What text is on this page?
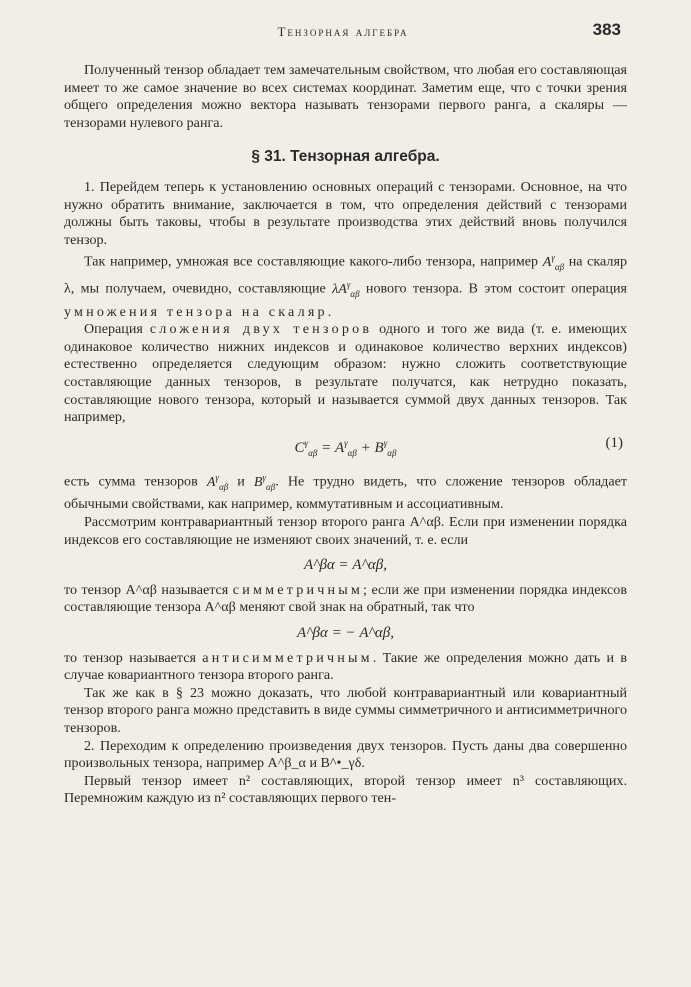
Тензорная алгебра	383

Полученный тензор обладает тем замечательным свойством, что любая его составляющая имеет то же самое значение во всех системах координат. Заметим еще, что с точки зрения общего определения можно вектора называть тензорами первого ранга, а скаляры — тензорами нулевого ранга.

§ 31. Тензорная алгебра.

1. Перейдем теперь к установлению основных операций с тензорами. Основное, на что нужно обратить внимание, заключается в том, что определения действий с тензорами должны быть таковы, чтобы в результате производства этих действий вновь получился тензор.

Так например, умножая все составляющие какого-либо тензора, например $A^\gamma_{\alpha\beta}$ на скаляр λ, мы получаем, очевидно, составляющие $\lambda A^\gamma_{\alpha\beta}$ нового тензора. В этом состоит операция умножения тензора на скаляр.

Операция сложения двух тензоров одного и того же вида (т. е. имеющих одинаковое количество нижних индексов и одинаковое количество верхних индексов) естественно определяется следующим образом: нужно сложить соответствующие составляющие данных тензоров, в результате получатся, как нетрудно показать, составляющие нового тензора, который и называется суммой двух данных тензоров. Так например,

$C^\gamma_{\alpha\beta} = A^\gamma_{\alpha\beta} + B^\gamma_{\alpha\beta}$
(1)

есть сумма тензоров $A^\gamma_{\alpha\beta}$ и $B^\gamma_{\alpha\beta}$. Не трудно видеть, что сложение тензоров обладает обычными свойствами, как например, коммутативным и ассоциативным.

Рассмотрим контравариантный тензор второго ранга A^αβ. Если при изменении порядка индексов его составляющие не изменяют своих значений, т. е. если

A^βα = A^αβ,

то тензор A^αβ называется симметричным; если же при изменении порядка индексов составляющие тензора A^αβ меняют свой знак на обратный, так что

A^βα = − A^αβ,

то тензор называется антисимметричным. Такие же определения можно дать и в случае ковариантного тензора второго ранга.

Так же как в § 23 можно доказать, что любой контравариантный или ковариантный тензор второго ранга можно представить в виде суммы симметричного и антисимметричного тензоров.

2. Переходим к определению произведения двух тензоров. Пусть даны два совершенно произвольных тензора, например A^β_α и B^•_γδ.

Первый тензор имеет n² составляющих, второй тензор имеет n³ составляющих. Перемножим каждую из n² составляющих первого тен-
